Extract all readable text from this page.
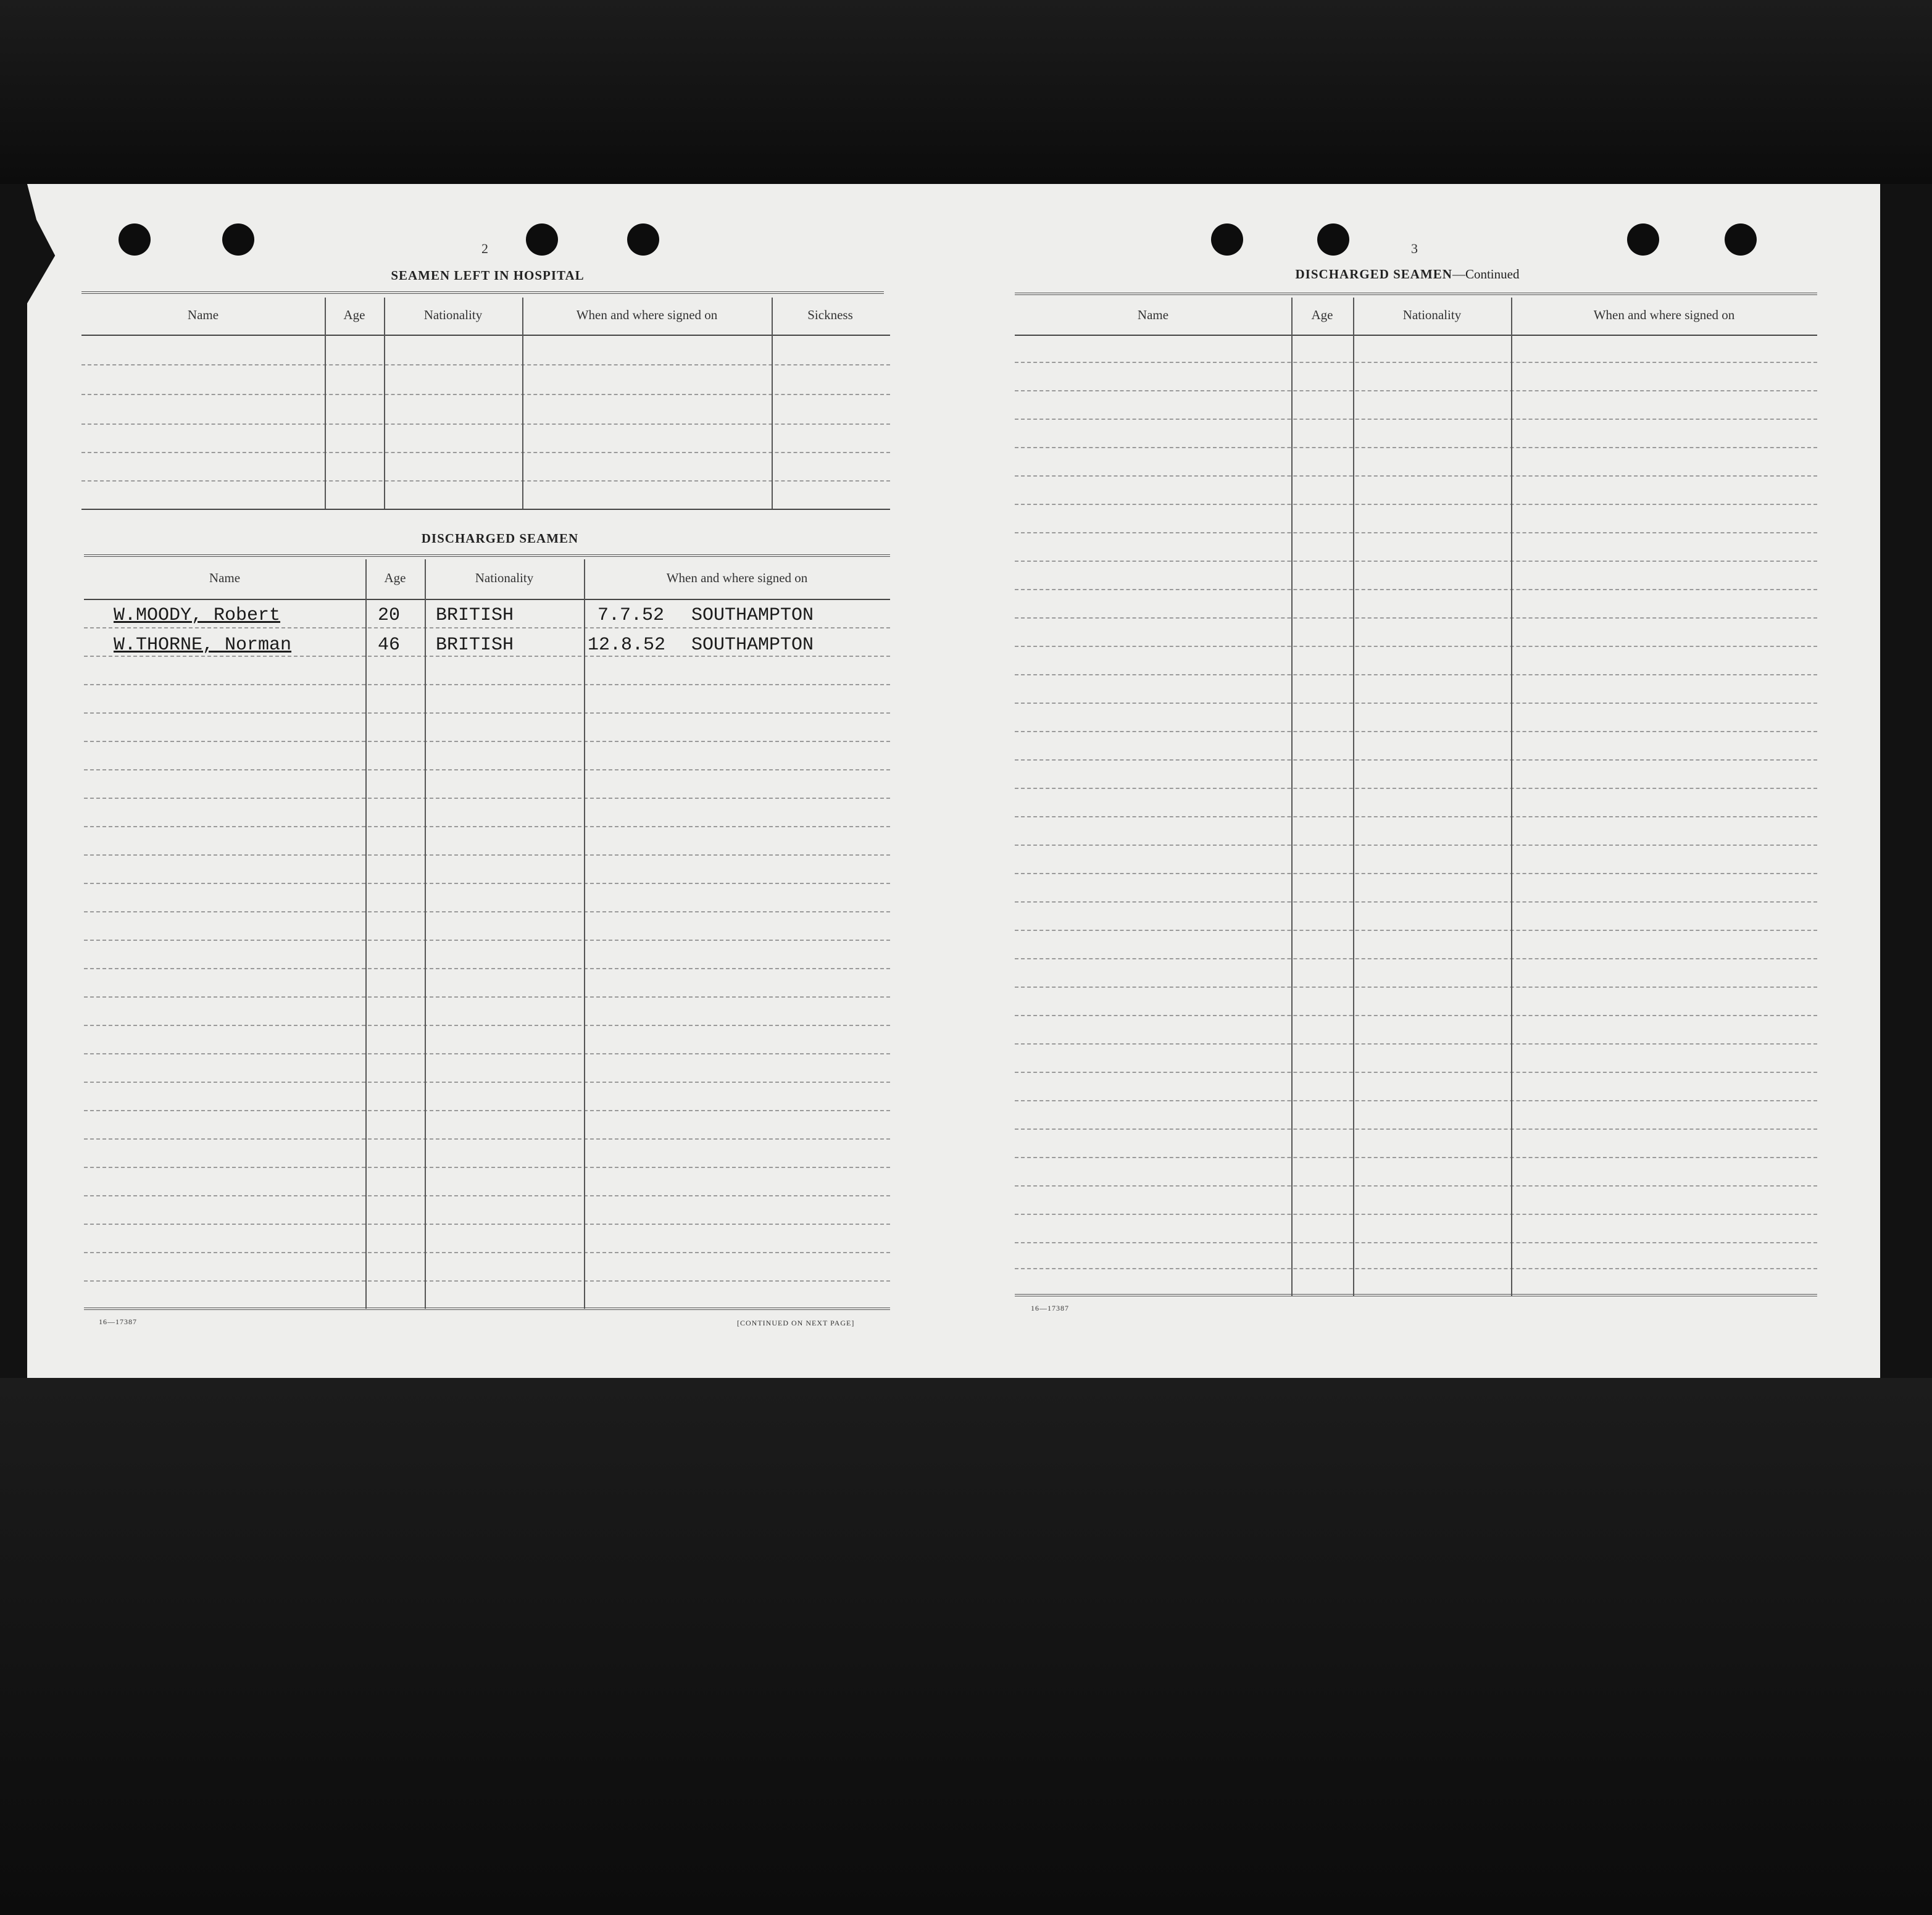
2
SEAMEN LEFT IN HOSPITAL
Name	Age	Nationality	When and where signed on	Sickness
DISCHARGED SEAMEN
Name	Age	Nationality	When and where signed on
W.MOODY, Robert	20 BRITISH	7.7.52 SOUTHAMPTON
W.THORNE, Norman	46 BRITISH	12.8.52 SOUTHAMPTON
16—17387	[CONTINUED ON NEXT PAGE]
3
DISCHARGED SEAMEN—Continued
Name	Age	Nationality	When and where signed on
16—17387
